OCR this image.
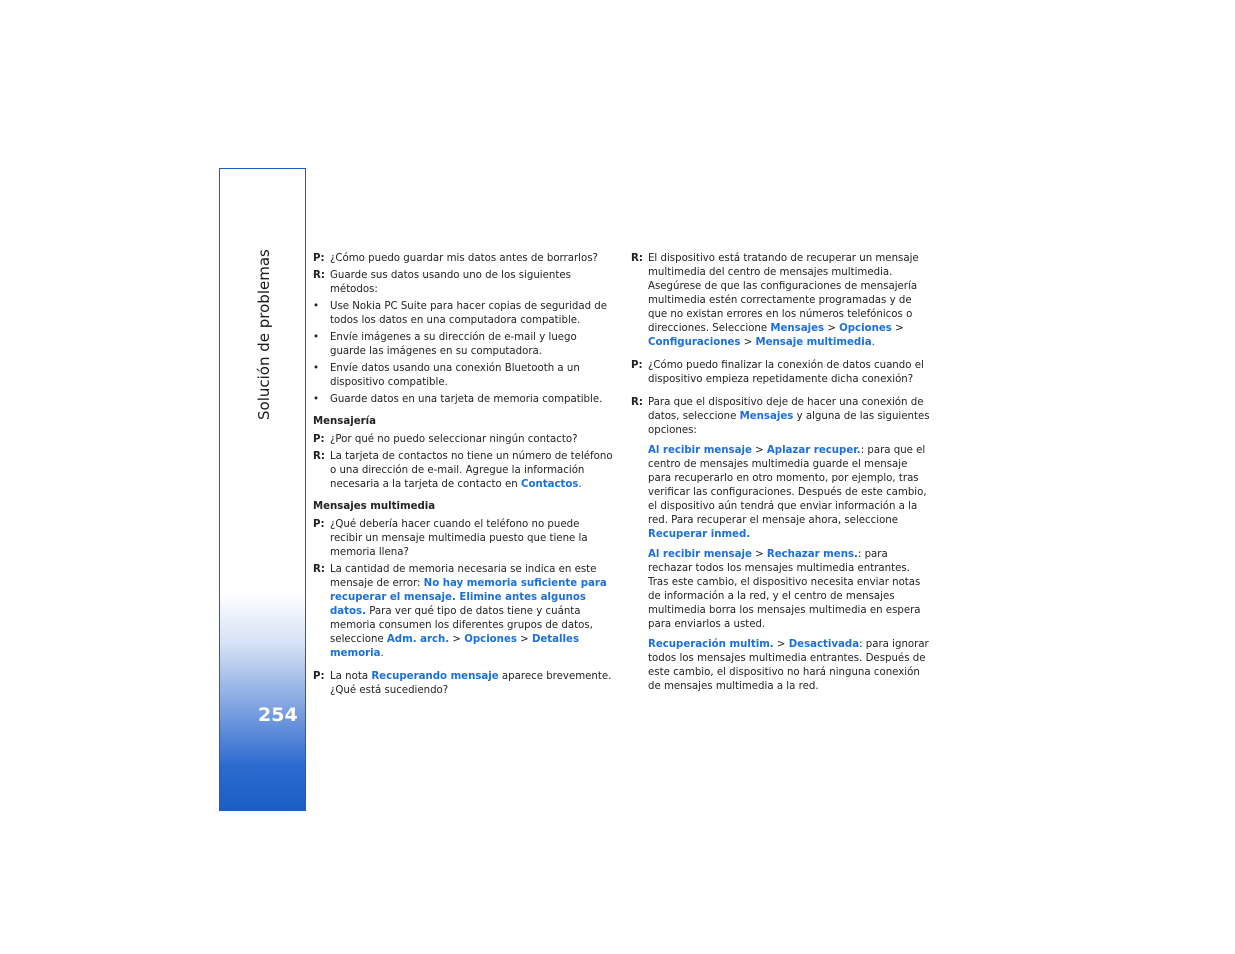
Solución de problemas
254
P: ¿Cómo puedo guardar mis datos antes de borrarlos?
R: Guarde sus datos usando uno de los siguientes métodos:
•	Use Nokia PC Suite para hacer copias de seguridad de todos los datos en una computadora compatible.
•	Envíe imágenes a su dirección de e-mail y luego guarde las imágenes en su computadora.
•	Envíe datos usando una conexión Bluetooth a un dispositivo compatible.
•	Guarde datos en una tarjeta de memoria compatible.
Mensajería
P: ¿Por qué no puedo seleccionar ningún contacto?
R: La tarjeta de contactos no tiene un número de teléfono o una dirección de e-mail. Agregue la información necesaria a la tarjeta de contacto en Contactos.
Mensajes multimedia
P: ¿Qué debería hacer cuando el teléfono no puede recibir un mensaje multimedia puesto que tiene la memoria llena?
R: La cantidad de memoria necesaria se indica en este mensaje de error: No hay memoria suficiente para recuperar el mensaje. Elimine antes algunos datos. Para ver qué tipo de datos tiene y cuánta memoria consumen los diferentes grupos de datos, seleccione Adm. arch. > Opciones > Detalles memoria.
P: La nota Recuperando mensaje aparece brevemente. ¿Qué está sucediendo?
R: El dispositivo está tratando de recuperar un mensaje multimedia del centro de mensajes multimedia. Asegúrese de que las configuraciones de mensajería multimedia estén correctamente programadas y de que no existan errores en los números telefónicos o direcciones. Seleccione Mensajes > Opciones > Configuraciones > Mensaje multimedia.
P: ¿Cómo puedo finalizar la conexión de datos cuando el dispositivo empieza repetidamente dicha conexión?
R: Para que el dispositivo deje de hacer una conexión de datos, seleccione Mensajes y alguna de las siguientes opciones:
Al recibir mensaje > Aplazar recuper.: para que el centro de mensajes multimedia guarde el mensaje para recuperarlo en otro momento, por ejemplo, tras verificar las configuraciones. Después de este cambio, el dispositivo aún tendrá que enviar información a la red. Para recuperar el mensaje ahora, seleccione Recuperar inmed.
Al recibir mensaje > Rechazar mens.: para rechazar todos los mensajes multimedia entrantes. Tras este cambio, el dispositivo necesita enviar notas de información a la red, y el centro de mensajes multimedia borra los mensajes multimedia en espera para enviarlos a usted.
Recuperación multim. > Desactivada: para ignorar todos los mensajes multimedia entrantes. Después de este cambio, el dispositivo no hará ninguna conexión de mensajes multimedia a la red.
